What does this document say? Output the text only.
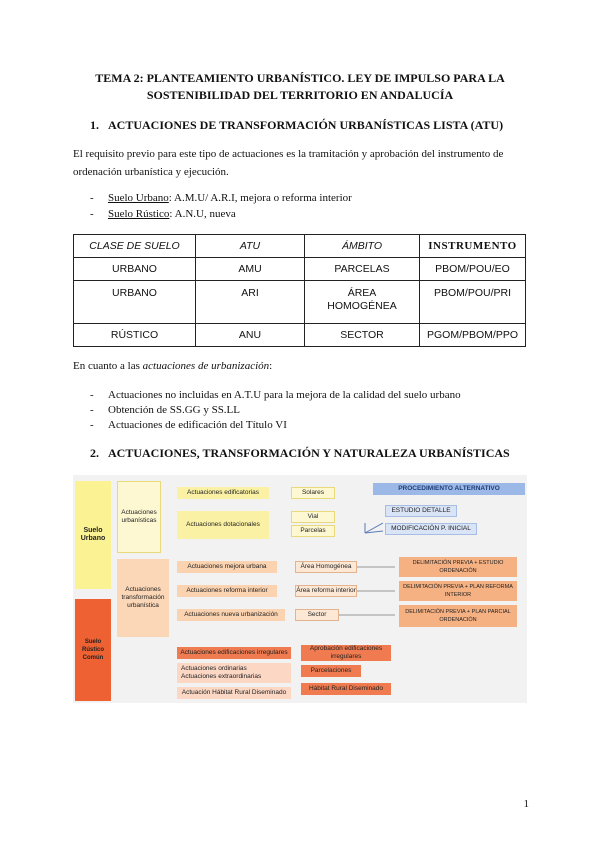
TEMA 2: PLANTEAMIENTO URBANÍSTICO. LEY DE IMPULSO PARA LA
SOSTENIBILIDAD DEL TERRITORIO EN ANDALUCÍA
1. ACTUACIONES DE TRANSFORMACIÓN URBANÍSTICAS LISTA (ATU)
El requisito previo para este tipo de actuaciones es la tramitación y aprobación del instrumento de ordenación urbanística y ejecución.
-	Suelo Urbano: A.M.U/ A.R.I, mejora o reforma interior
-	Suelo Rústico: A.N.U, nueva
CLASE DE SUELO	ATU	ÁMBITO	INSTRUMENTO
URBANO	AMU	PARCELAS	PBOM/POU/EO
URBANO	ARI	ÁREA HOMOGÉNEA	PBOM/POU/PRI
RÚSTICO	ANU	SECTOR	PGOM/PBOM/PPO
En cuanto a las actuaciones de urbanización:
-	Actuaciones no incluidas en A.T.U para la mejora de la calidad del suelo urbano
-	Obtención de SS.GG y SS.LL
-	Actuaciones de edificación del Título VI
2. ACTUACIONES, TRANSFORMACIÓN Y NATURALEZA URBANÍSTICAS
Suelo Urbano
Suelo Rústico Común
Actuaciones urbanísticas
Actuaciones transformación urbanística
Actuaciones edificatorias
Actuaciones dotacionales
Solares
Vial
Parcelas
PROCEDIMIENTO ALTERNATIVO
ESTUDIO DETALLE
MODIFICACIÓN P. INICIAL
Actuaciones mejora urbana	Área Homogénea	DELIMITACIÓN PREVIA + ESTUDIO ORDENACIÓN
Actuaciones reforma interior	Área reforma interior	DELIMITACIÓN PREVIA + PLAN REFORMA INTERIOR
Actuaciones nueva urbanización	Sector	DELIMITACIÓN PREVIA + PLAN PARCIAL ORDENACIÓN
Actuaciones edificaciones irregulares
Aprobación edificaciones irregulares
Actuaciones ordinarias
Actuaciones extraordinarias
Parcelaciones
Actuación Hábitat Rural Diseminado
Hábitat Rural Diseminado
1
